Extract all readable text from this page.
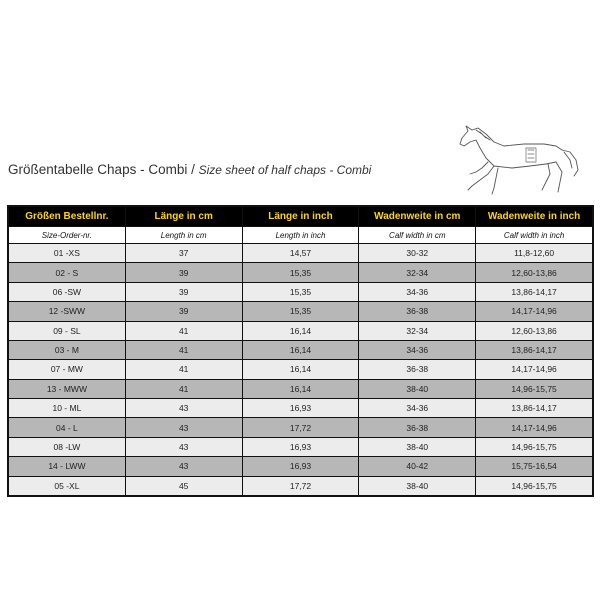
Größentabelle Chaps - Combi / Size sheet of half chaps - Combi
Größen Bestellnr.	Länge in cm	Länge in inch	Wadenweite in cm	Wadenweite in inch
Size-Order-nr.	Length in cm	Length in inch	Calf width in cm	Calf width in inch
01 -XS	37	14,57	30-32	11,8-12,60
02 - S	39	15,35	32-34	12,60-13,86
06 -SW	39	15,35	34-36	13,86-14,17
12 -SWW	39	15,35	36-38	14,17-14,96
09 - SL	41	16,14	32-34	12,60-13,86
03 - M	41	16,14	34-36	13,86-14,17
07 - MW	41	16,14	36-38	14,17-14,96
13 - MWW	41	16,14	38-40	14,96-15,75
10 - ML	43	16,93	34-36	13,86-14,17
04 - L	43	17,72	36-38	14,17-14,96
08 -LW	43	16,93	38-40	14,96-15,75
14 - LWW	43	16,93	40-42	15,75-16,54
05 -XL	45	17,72	38-40	14,96-15,75
